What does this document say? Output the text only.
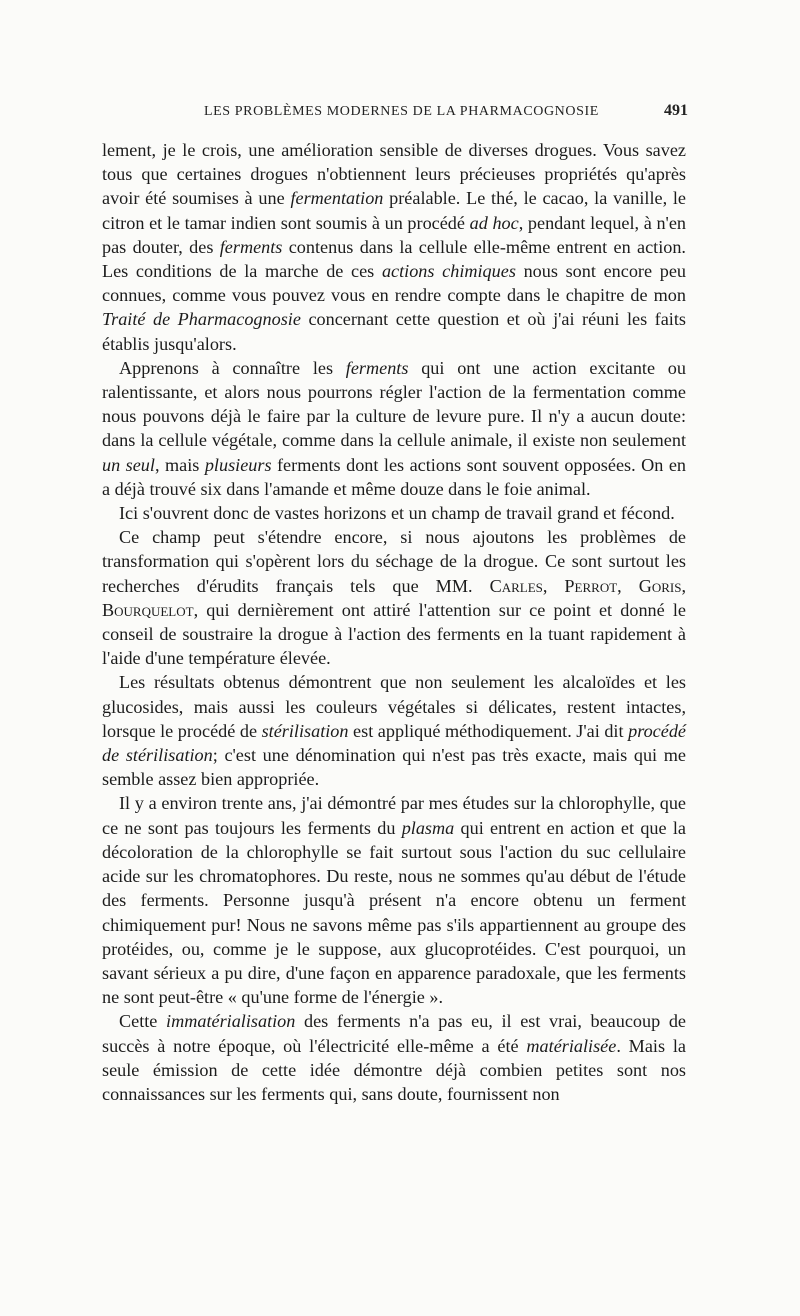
LES PROBLÈMES MODERNES DE LA PHARMACOGNOSIE	491

lement, je le crois, une amélioration sensible de diverses drogues. Vous savez tous que certaines drogues n'obtiennent leurs précieuses propriétés qu'après avoir été soumises à une fermentation préalable. Le thé, le cacao, la vanille, le citron et le tamar indien sont soumis à un procédé ad hoc, pendant lequel, à n'en pas douter, des ferments contenus dans la cellule elle-même entrent en action. Les conditions de la marche de ces actions chimiques nous sont encore peu connues, comme vous pouvez vous en rendre compte dans le chapitre de mon Traité de Pharmacognosie concernant cette question et où j'ai réuni les faits établis jusqu'alors.

Apprenons à connaître les ferments qui ont une action excitante ou ralentissante, et alors nous pourrons régler l'action de la fermentation comme nous pouvons déjà le faire par la culture de levure pure. Il n'y a aucun doute: dans la cellule végétale, comme dans la cellule animale, il existe non seulement un seul, mais plusieurs ferments dont les actions sont souvent opposées. On en a déjà trouvé six dans l'amande et même douze dans le foie animal.

Ici s'ouvrent donc de vastes horizons et un champ de travail grand et fécond.

Ce champ peut s'étendre encore, si nous ajoutons les problèmes de transformation qui s'opèrent lors du séchage de la drogue. Ce sont surtout les recherches d'érudits français tels que MM. Carles, Perrot, Goris, Bourquelot, qui dernièrement ont attiré l'attention sur ce point et donné le conseil de soustraire la drogue à l'action des ferments en la tuant rapidement à l'aide d'une température élevée.

Les résultats obtenus démontrent que non seulement les alcaloïdes et les glucosides, mais aussi les couleurs végétales si délicates, restent intactes, lorsque le procédé de stérilisation est appliqué méthodiquement. J'ai dit procédé de stérilisation; c'est une dénomination qui n'est pas très exacte, mais qui me semble assez bien appropriée.

Il y a environ trente ans, j'ai démontré par mes études sur la chlorophylle, que ce ne sont pas toujours les ferments du plasma qui entrent en action et que la décoloration de la chlorophylle se fait surtout sous l'action du suc cellulaire acide sur les chromatophores. Du reste, nous ne sommes qu'au début de l'étude des ferments. Personne jusqu'à présent n'a encore obtenu un ferment chimiquement pur! Nous ne savons même pas s'ils appartiennent au groupe des protéides, ou, comme je le suppose, aux glucoprotéides. C'est pourquoi, un savant sérieux a pu dire, d'une façon en apparence paradoxale, que les ferments ne sont peut-être « qu'une forme de l'énergie ».

Cette immatérialisation des ferments n'a pas eu, il est vrai, beaucoup de succès à notre époque, où l'électricité elle-même a été matérialisée. Mais la seule émission de cette idée démontre déjà combien petites sont nos connaissances sur les ferments qui, sans doute, fournissent non
